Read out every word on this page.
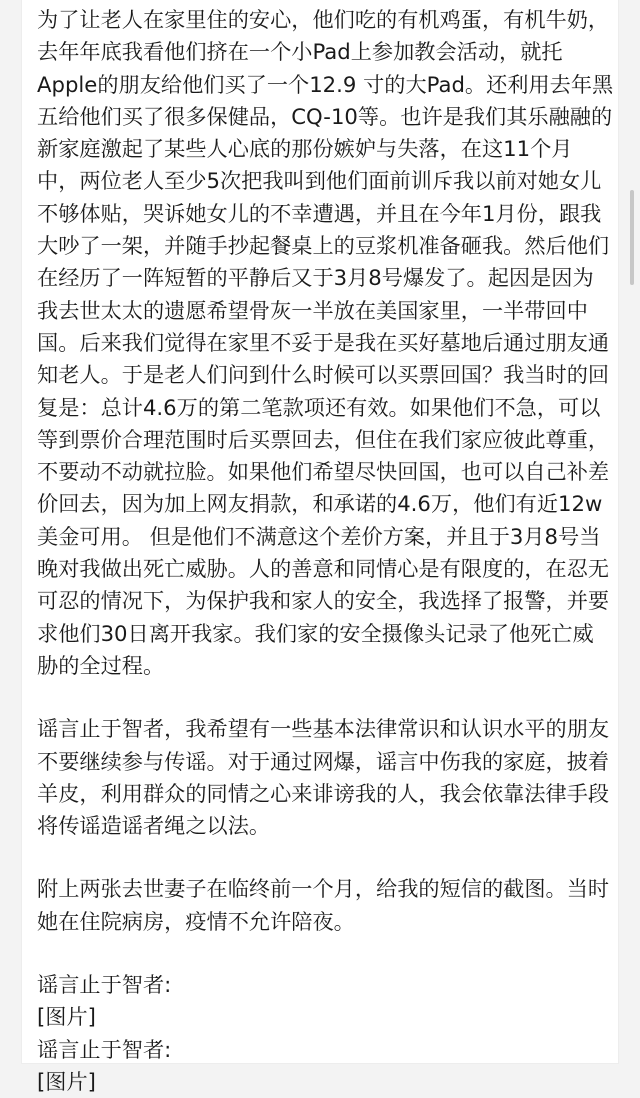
为了让老人在家里住的安心，他们吃的有机鸡蛋，有机牛奶，
去年年底我看他们挤在一个小Pad上参加教会活动，就托
Apple的朋友给他们买了一个12.9 寸的大Pad。还利用去年黑
五给他们买了很多保健品，CQ-10等。也许是我们其乐融融的
新家庭激起了某些人心底的那份嫉妒与失落，在这11个月
中，两位老人至少5次把我叫到他们面前训斥我以前对她女儿
不够体贴，哭诉她女儿的不幸遭遇，并且在今年1月份，跟我
大吵了一架，并随手抄起餐桌上的豆浆机准备砸我。然后他们
在经历了一阵短暂的平静后又于3月8号爆发了。起因是因为
我去世太太的遗愿希望骨灰一半放在美国家里，一半带回中
国。后来我们觉得在家里不妥于是我在买好墓地后通过朋友通
知老人。于是老人们问到什么时候可以买票回国？我当时的回
复是：总计4.6万的第二笔款项还有效。如果他们不急，可以
等到票价合理范围时后买票回去，但住在我们家应彼此尊重，
不要动不动就拉脸。如果他们希望尽快回国，也可以自己补差
价回去，因为加上网友捐款，和承诺的4.6万，他们有近12w
美金可用。 但是他们不满意这个差价方案，并且于3月8号当
晚对我做出死亡威胁。人的善意和同情心是有限度的，在忍无
可忍的情况下，为保护我和家人的安全，我选择了报警，并要
求他们30日离开我家。我们家的安全摄像头记录了他死亡威
胁的全过程。
谣言止于智者，我希望有一些基本法律常识和认识水平的朋友
不要继续参与传谣。对于通过网爆，谣言中伤我的家庭，披着
羊皮，利用群众的同情之心来诽谤我的人，我会依靠法律手段
将传谣造谣者绳之以法。
附上两张去世妻子在临终前一个月，给我的短信的截图。当时
她在住院病房，疫情不允许陪夜。
谣言止于智者:
[图片]
谣言止于智者:
[图片]
